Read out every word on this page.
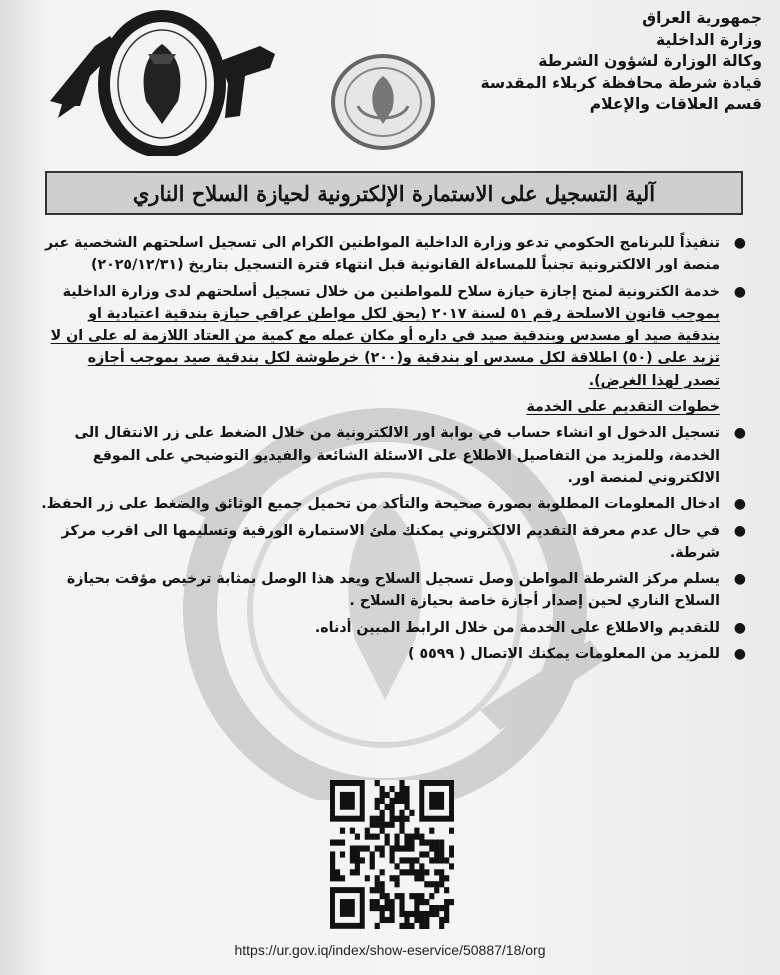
جمهورية العراق
وزارة الداخلية
وكالة الوزارة لشؤون الشرطة
قيادة شرطة محافظة كربلاء المقدسة
قسم العلاقات والإعلام
آلية التسجيل على الاستمارة الإلكترونية لحيازة السلاح الناري
●
تنفيذاً للبرنامج الحكومي تدعو وزارة الداخلية المواطنين الكرام الى تسجيل اسلحتهم الشخصية عبر
منصة اور الالكترونية تجنباً للمساءلة القانونية قبل انتهاء فترة التسجيل بتاريخ (٢٠٢٥/١٢/٣١)
●
خدمة الكترونية لمنح إجازة حيازة سلاح للمواطنين من خلال تسجيل أسلحتهم لدى وزارة الداخلية
بموجب قانون الاسلحة رقم ٥١ لسنة ٢٠١٧ (يحق لكل مواطن عراقي حيازة بندقية اعتيادية او
بندقية صيد او مسدس وبندقية صيد في داره أو مكان عمله مع كمية من العتاد اللازمة له على ان لا
تزيد على (٥٠) اطلاقة لكل مسدس او بندقية و(٢٠٠) خرطوشة لكل بندقية صيد بموجب أجازه
تصدر لهذا الغرض).
خطوات التقديم على الخدمة
●
تسجيل الدخول او انشاء حساب في بوابة اور الالكترونية من خلال الضغط على زر الانتقال الى
الخدمة، وللمزيد من التفاصيل الاطلاع على الاسئلة الشائعة والفيديو التوضيحي على الموقع
الالكتروني لمنصة اور.
●
ادخال المعلومات المطلوبة بصورة صحيحة والتأكد من تحميل جميع الوثائق والضغط على زر الحفظ.
●
في حال عدم معرفة التقديم الالكتروني يمكنك ملئ الاستمارة الورقية وتسليمها الى اقرب مركز
شرطة.
●
يسلم مركز الشرطة المواطن وصل تسجيل السلاح ويعد هذا الوصل بمثابة ترخيص مؤقت بحيازة
السلاح الناري لحين إصدار أجازة خاصة بحيازة السلاح .
●
للتقديم والاطلاع على الخدمة من خلال الرابط المبين أدناه.
●
للمزيد من المعلومات يمكنك الاتصال ( ٥٥٩٩ )
https://ur.gov.iq/index/show-eservice/50887/18/org
